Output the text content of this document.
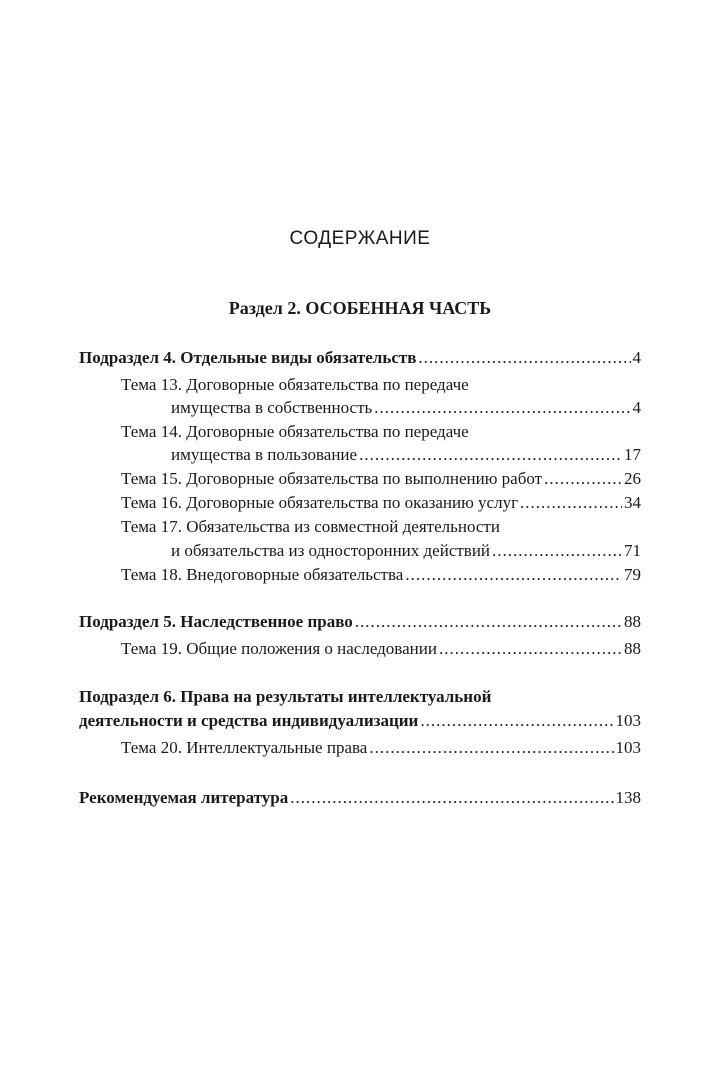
СОДЕРЖАНИЕ
Раздел 2. ОСОБЕННАЯ ЧАСТЬ
Подраздел 4. Отдельные виды обязательств .....	4
Тема 13. Договорные обязательства по передаче
имущества в собственность .....	4
Тема 14. Договорные обязательства по передаче
имущества в пользование .....	17
Тема 15. Договорные обязательства по выполнению работ .....	26
Тема 16. Договорные обязательства по оказанию услуг .....	34
Тема 17. Обязательства из совместной деятельности
и обязательства из односторонних действий .....	71
Тема 18. Внедоговорные обязательства .....	79
Подраздел 5. Наследственное право .....	88
Тема 19. Общие положения о наследовании .....	88
Подраздел 6. Права на результаты интеллектуальной
деятельности и средства индивидуализации .....	103
Тема 20. Интеллектуальные права .....	103
Рекомендуемая литература .....	138
